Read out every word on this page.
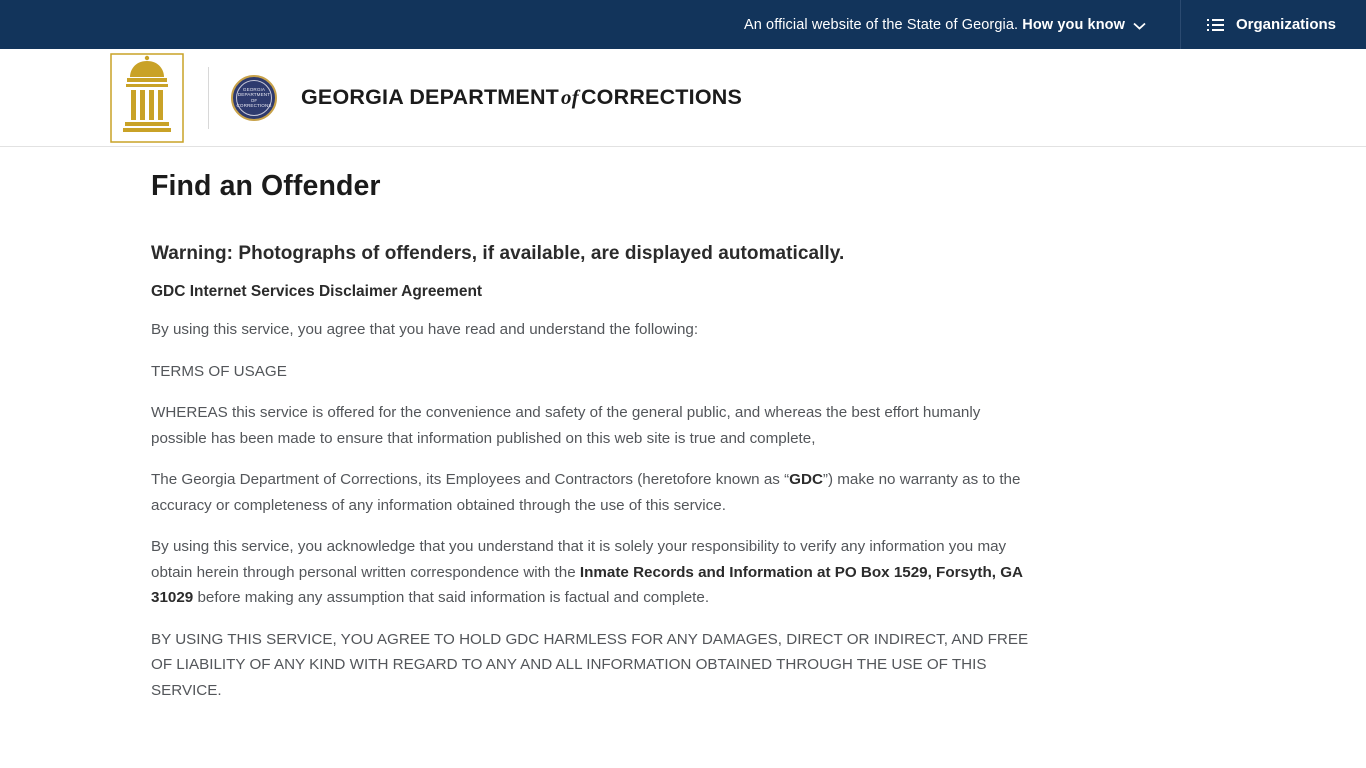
An official website of the State of Georgia. How you know	Organizations
GEORGIA DEPARTMENT OF CORRECTIONS GEORGIA DEPARTMENTofCORRECTIONS
Find an Offender
Warning: Photographs of offenders, if available, are displayed automatically.
GDC Internet Services Disclaimer Agreement

By using this service, you agree that you have read and understand the following:

TERMS OF USAGE

WHEREAS this service is offered for the convenience and safety of the general public, and whereas the best effort humanly possible has been made to ensure that information published on this web site is true and complete,

The Georgia Department of Corrections, its Employees and Contractors (heretofore known as “GDC”) make no warranty as to the accuracy or completeness of any information obtained through the use of this service.

By using this service, you acknowledge that you understand that it is solely your responsibility to verify any information you may obtain herein through personal written correspondence with the Inmate Records and Information at PO Box 1529, Forsyth, GA 31029 before making any assumption that said information is factual and complete.

BY USING THIS SERVICE, YOU AGREE TO HOLD GDC HARMLESS FOR ANY DAMAGES, DIRECT OR INDIRECT, AND FREE OF LIABILITY OF ANY KIND WITH REGARD TO ANY AND ALL INFORMATION OBTAINED THROUGH THE USE OF THIS SERVICE.
